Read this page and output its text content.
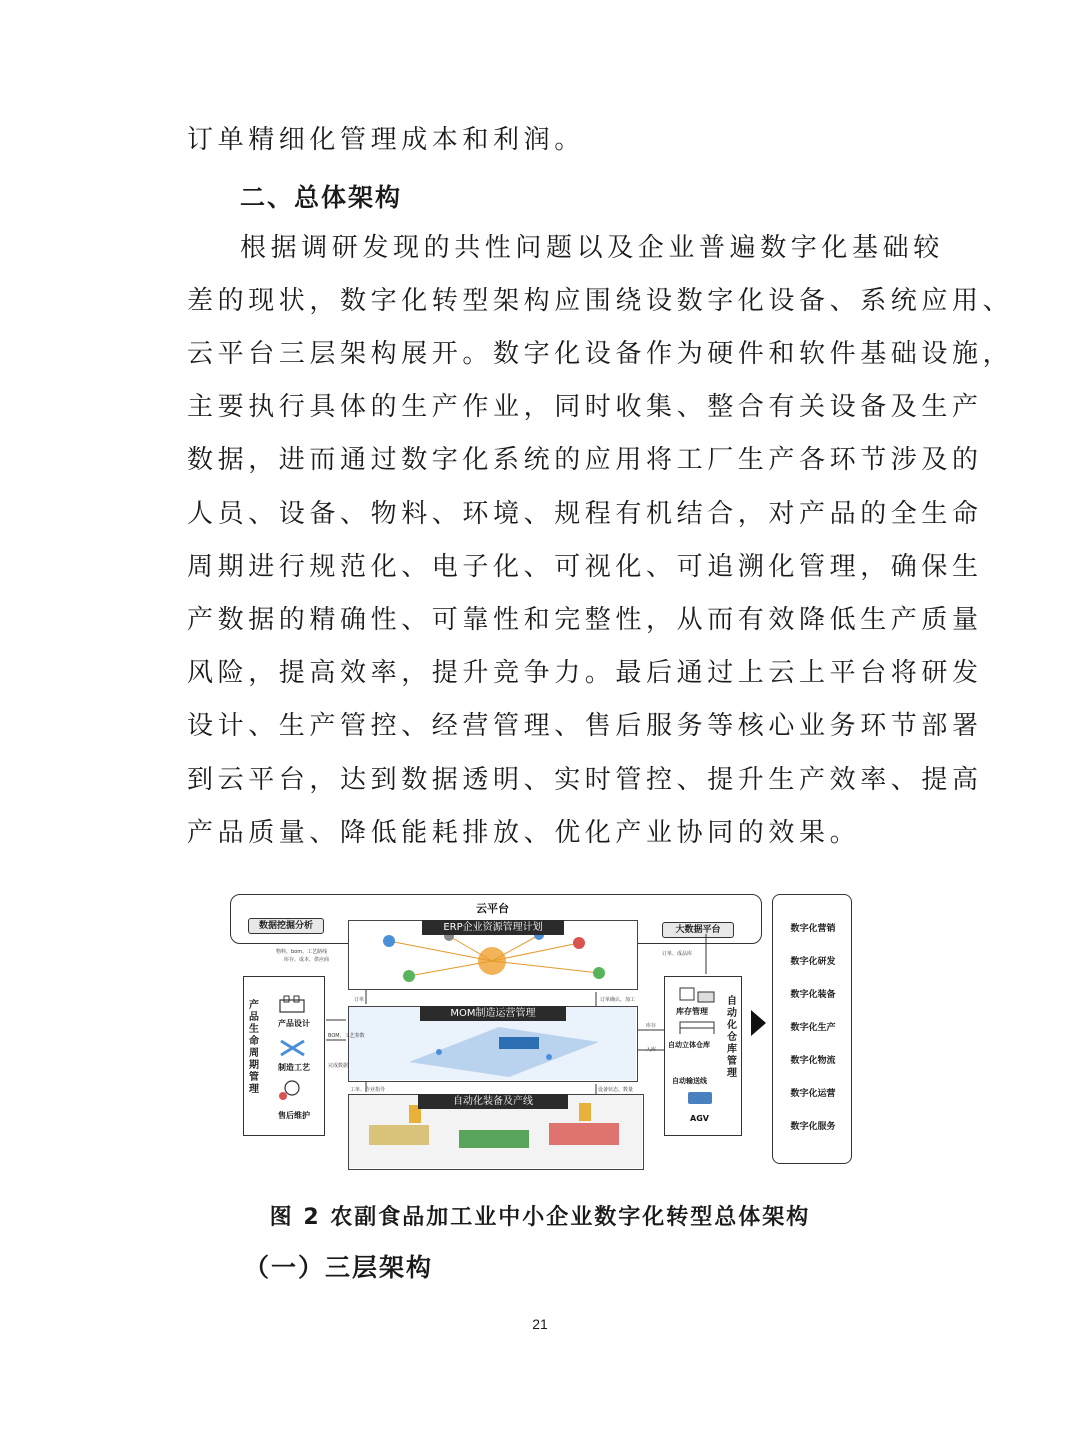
订单精细化管理成本和利润。
二、总体架构
根据调研发现的共性问题以及企业普遍数字化基础较
差的现状，数字化转型架构应围绕设数字化设备、系统应用、
云平台三层架构展开。数字化设备作为硬件和软件基础设施，
主要执行具体的生产作业，同时收集、整合有关设备及生产
数据，进而通过数字化系统的应用将工厂生产各环节涉及的
人员、设备、物料、环境、规程有机结合，对产品的全生命
周期进行规范化、电子化、可视化、可追溯化管理，确保生
产数据的精确性、可靠性和完整性，从而有效降低生产质量
风险，提高效率，提升竞争力。最后通过上云上平台将研发
设计、生产管控、经营管理、售后服务等核心业务环节部署
到云平台，达到数据透明、实时管控、提升生产效率、提高
产品质量、降低能耗排放、优化产业协同的效果。
云平台
数据挖掘分析	大数据平台
ERP企业资源管理计划
产品生命周期管理
产品设计
制造工艺
售后维护
MOM制造运营管理
自动化装备及产线
物料、bom、工艺路线
库存、成本、供应商
订单	订单确认、加工
订单、成品库
BOM、工艺参数
完成数据
库存
入库
工单、作业指导	设备状态、数量
库存管理
自动立体仓库
自动输送线
AGV
自动化仓库管理
数字化营销
数字化研发
数字化装备
数字化生产
数字化物流
数字化运营
数字化服务
图 2 农副食品加工业中小企业数字化转型总体架构
（一）三层架构
21
